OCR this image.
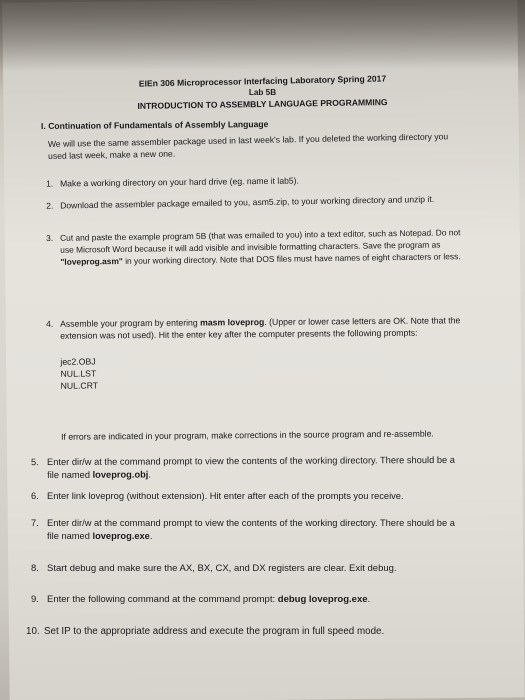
EIEn 306 Microprocessor Interfacing Laboratory Spring 2017
Lab 5B
INTRODUCTION TO ASSEMBLY LANGUAGE PROGRAMMING
I. Continuation of Fundamentals of Assembly Language
We will use the same assembler package used in last week's lab. If you deleted the working directory you used last week, make a new one.
1. Make a working directory on your hard drive (eg. name it lab5).
2. Download the assembler package emailed to you, asm5.zip, to your working directory and unzip it.
3. Cut and paste the example program 5B (that was emailed to you) into a text editor, such as Notepad. Do not use Microsoft Word because it will add visible and invisible formatting characters. Save the program as "loveprog.asm" in your working directory. Note that DOS files must have names of eight characters or less.
4. Assemble your program by entering masm loveprog. (Upper or lower case letters are OK. Note that the extension was not used). Hit the enter key after the computer presents the following prompts:
jec2.OBJ
NUL.LST
NUL.CRT
If errors are indicated in your program, make corrections in the source program and re-assemble.
5. Enter dir/w at the command prompt to view the contents of the working directory. There should be a file named loveprog.obj.
6. Enter link loveprog (without extension). Hit enter after each of the prompts you receive.
7. Enter dir/w at the command prompt to view the contents of the working directory. There should be a file named loveprog.exe.
8. Start debug and make sure the AX, BX, CX, and DX registers are clear. Exit debug.
9. Enter the following command at the command prompt: debug loveprog.exe.
10. Set IP to the appropriate address and execute the program in full speed mode.
